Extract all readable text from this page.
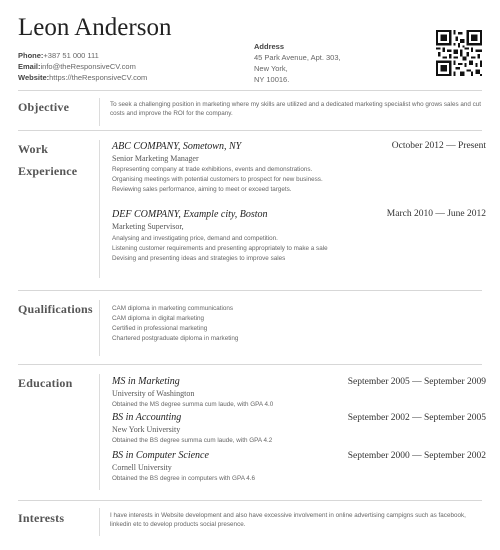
Leon Anderson
Phone:+387 51 000 111
Email:info@theResponsiveCV.com
Website:https://theResponsiveCV.com
Address
45 Park Avenue, Apt. 303,
New York,
NY 10016.
Objective	To seek a challenging position in marketing where my skills are utilized and a dedicated marketing specialist who grows sales and cut costs and improve the ROI for the company.
Work
Experience
ABC COMPANY, Sometown, NY	October 2012 — Present
Senior Marketing Manager
Representing company at trade exhibitions, events and demonstrations.
Organising meetings with potential customers to prospect for new business.
Reviewing sales performance, aiming to meet or exceed targets.
DEF COMPANY, Example city, Boston	March 2010 — June 2012
Marketing Supervisor,
Analysing and investigating price, demand and competition.
Listening customer requirements and presenting appropriately to make a sale
Devising and presenting ideas and strategies to improve sales
Qualifications	CAM diploma in marketing communications
CAM diploma in digital marketing
Certified in professional marketing
Chartered postgraduate diploma in marketing
Education	MS in Marketing	September 2005 — September 2009
University of Washington
Obtained the MS degree summa cum laude, with GPA 4.0
BS in Accounting	September 2002 — September 2005
New York University
Obtained the BS degree summa cum laude, with GPA 4.2
BS in Computer Science	September 2000 — September 2002
Cornell University
Obtained the BS degree in computers with GPA 4.6
Interests	I have interests in Website development and also have excessive involvement in online advertising campigns such as facebook, linkedin etc to develop products social presence.
